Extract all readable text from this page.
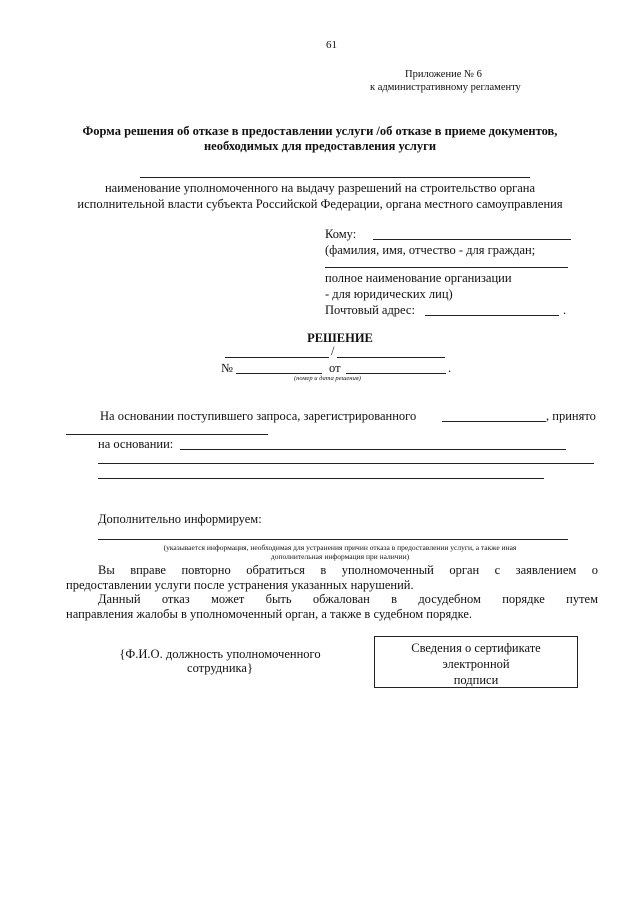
61
Приложение № 6
к административному регламенту
Форма решения об отказе в предоставлении услуги /об отказе в приеме документов,
необходимых для предоставления услуги
наименование уполномоченного на выдачу разрешений на строительство органа
исполнительной власти субъекта Российской Федерации, органа местного самоуправления
Кому:
(фамилия, имя, отчество - для граждан;
полное наименование организации
- для юридических лиц)
Почтовый адрес:	.
РЕШЕНИЕ
/
№	от	.
(номер и дата решения)
На основании поступившего запроса, зарегистрированного	, принято
на основании:
Дополнительно информируем:
(указывается информация, необходимая для устранения причин отказа в предоставлении услуги, а также иная
дополнительная информация при наличии)
Вы вправе повторно обратиться в уполномоченный орган с заявлением о
предоставлении услуги после устранения указанных нарушений.
Данный отказ может быть обжалован в досудебном порядке путем
направления жалобы в уполномоченный орган, а также в судебном порядке.
{Ф.И.О. должность уполномоченного
сотрудника}
Сведения о сертификате
электронной
подписи
